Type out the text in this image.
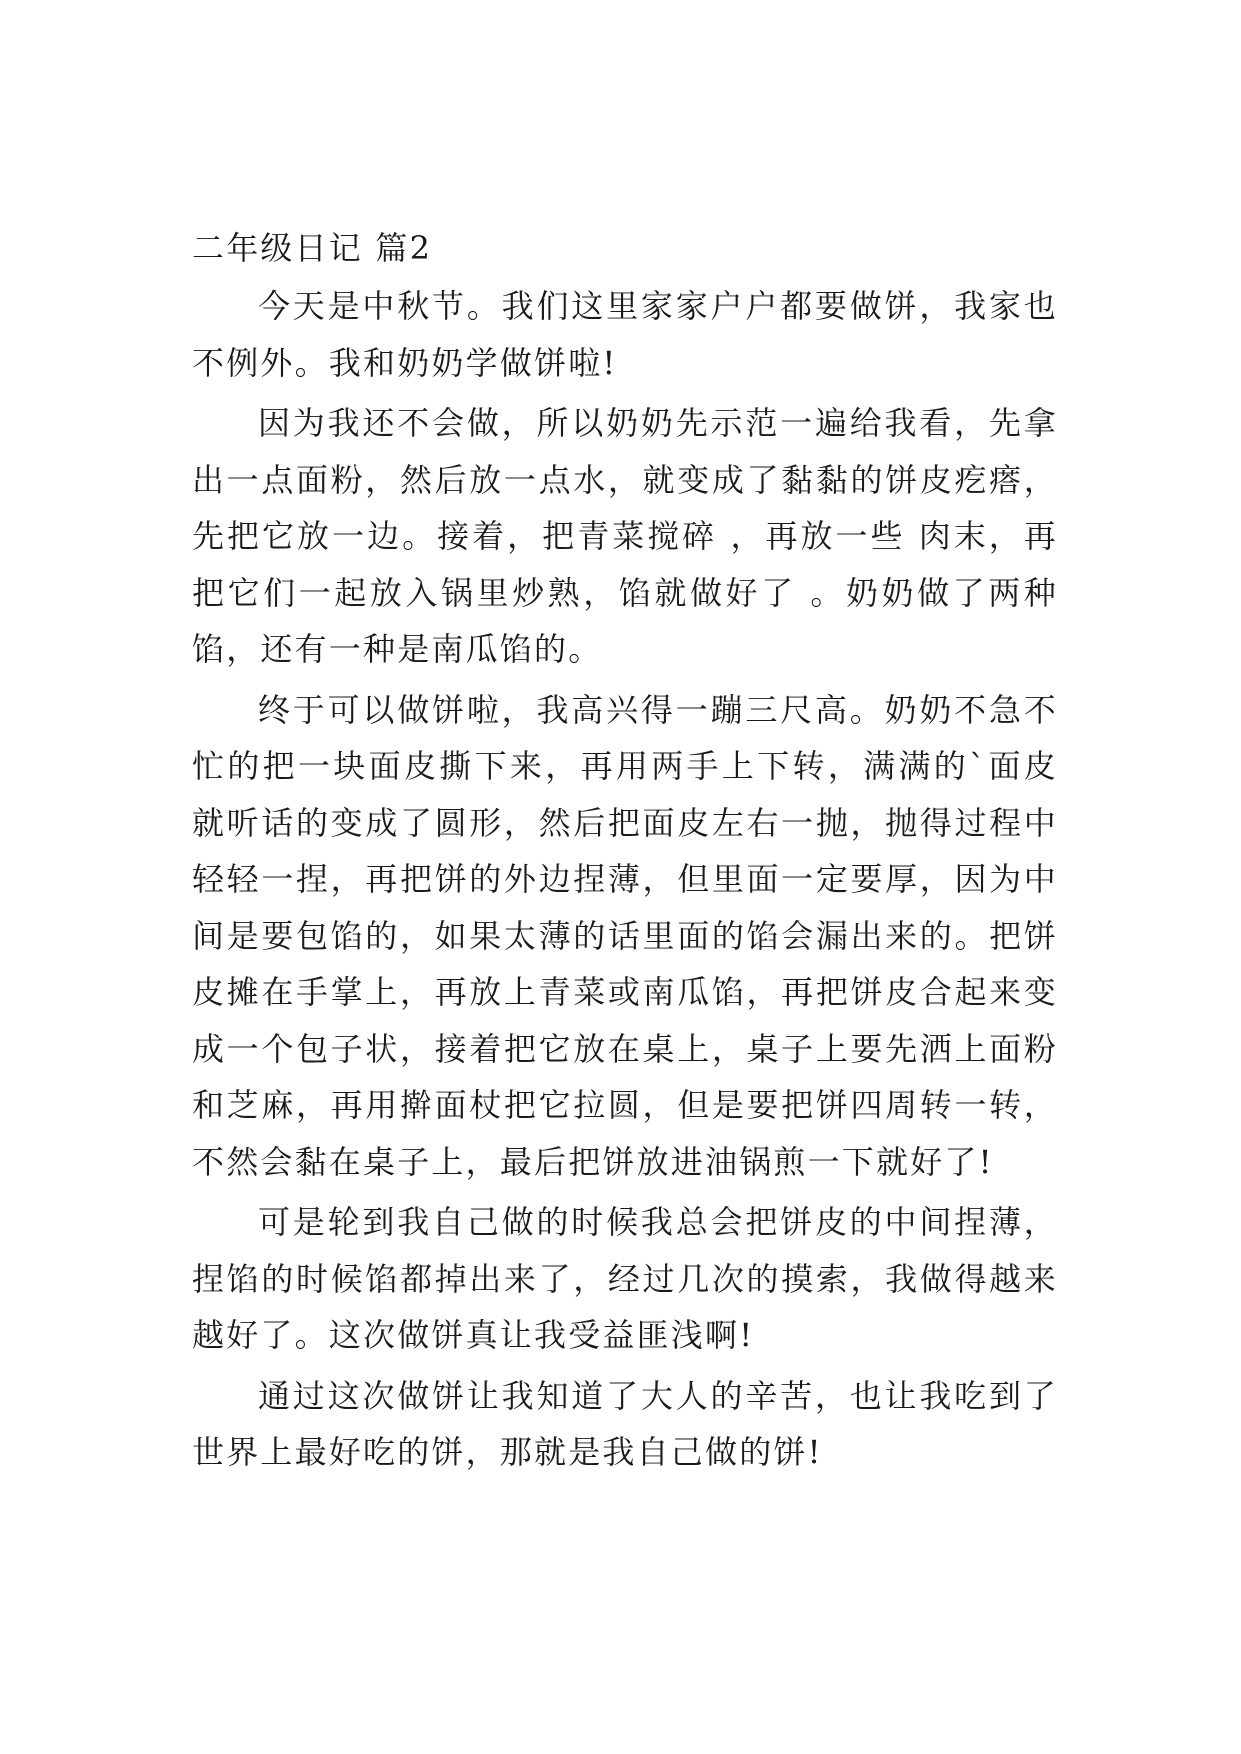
二年级日记 篇2

今天是中秋节。我们这里家家户户都要做饼，我家也不例外。我和奶奶学做饼啦!

因为我还不会做，所以奶奶先示范一遍给我看，先拿出一点面粉，然后放一点水，就变成了黏黏的饼皮疙瘩，先把它放一边。接着，把青菜搅碎 ，再放一些 肉末，再把它们一起放入锅里炒熟，馅就做好了 。奶奶做了两种馅，还有一种是南瓜馅的。

终于可以做饼啦，我高兴得一蹦三尺高。奶奶不急不忙的把一块面皮撕下来，再用两手上下转，满满的`面皮就听话的变成了圆形，然后把面皮左右一抛，抛得过程中轻轻一捏，再把饼的外边捏薄，但里面一定要厚，因为中间是要包馅的，如果太薄的话里面的馅会漏出来的。把饼皮摊在手掌上，再放上青菜或南瓜馅，再把饼皮合起来变成一个包子状，接着把它放在桌上，桌子上要先洒上面粉和芝麻，再用擀面杖把它拉圆，但是要把饼四周转一转，不然会黏在桌子上，最后把饼放进油锅煎一下就好了!

可是轮到我自己做的时候我总会把饼皮的中间捏薄，捏馅的时候馅都掉出来了，经过几次的摸索，我做得越来越好了。这次做饼真让我受益匪浅啊!

通过这次做饼让我知道了大人的辛苦，也让我吃到了世界上最好吃的饼，那就是我自己做的饼!
